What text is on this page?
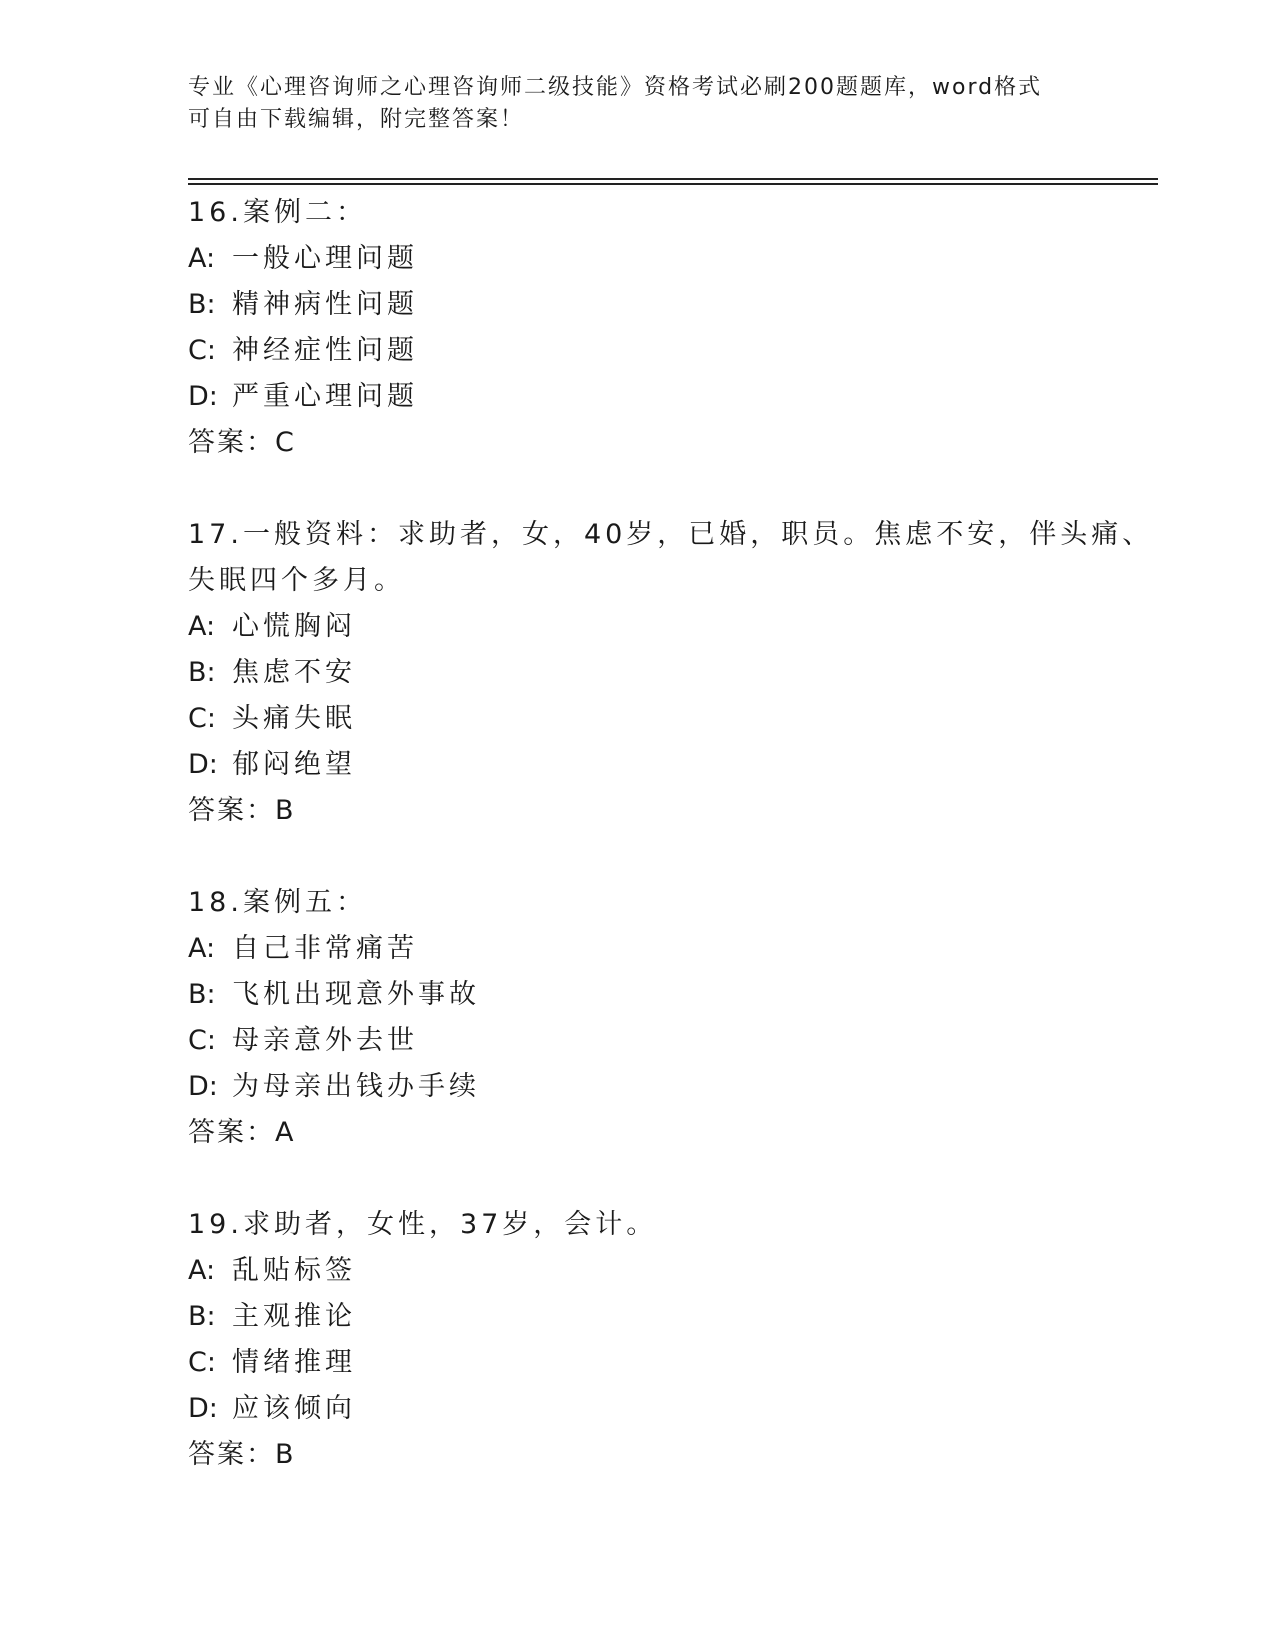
专业《心理咨询师之心理咨询师二级技能》资格考试必刷200题题库，word格式
可自由下载编辑，附完整答案！
16.案例二：
A: 一般心理问题
B: 精神病性问题
C: 神经症性问题
D: 严重心理问题
答案：C
17.一般资料：求助者，女，40岁，已婚，职员。焦虑不安，伴头痛、
失眠四个多月。
A: 心慌胸闷
B: 焦虑不安
C: 头痛失眠
D: 郁闷绝望
答案：B
18.案例五：
A: 自己非常痛苦
B: 飞机出现意外事故
C: 母亲意外去世
D: 为母亲出钱办手续
答案：A
19.求助者，女性，37岁，会计。
A: 乱贴标签
B: 主观推论
C: 情绪推理
D: 应该倾向
答案：B
